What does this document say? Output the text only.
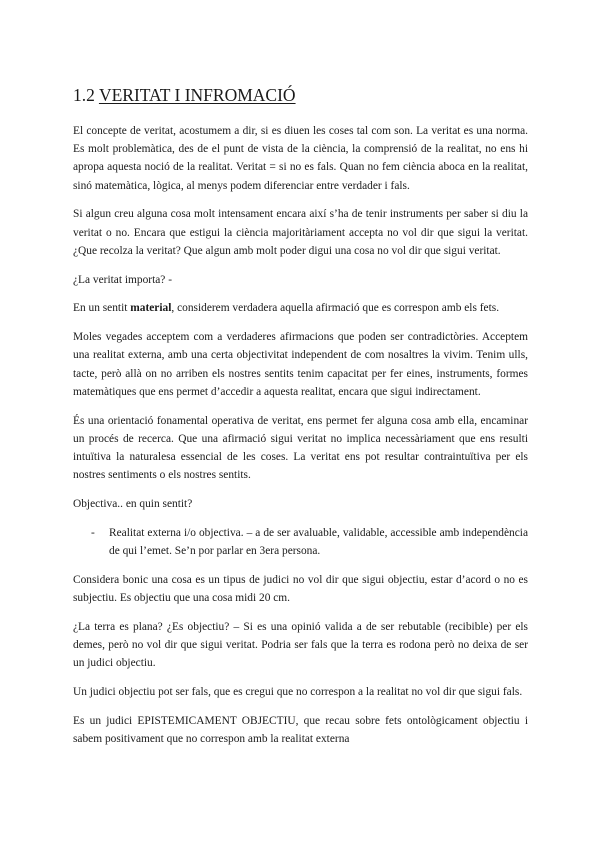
1.2 VERITAT I INFROMACIÓ

El concepte de veritat, acostumem a dir, si es diuen les coses tal com son. La veritat es una norma. Es molt problemàtica, des de el punt de vista de la ciència, la comprensió de la realitat, no ens hi apropa aquesta noció de la realitat. Veritat = si no es fals. Quan no fem ciència aboca en la realitat, sinó matemàtica, lògica, al menys podem diferenciar entre verdader i fals.

Si algun creu alguna cosa molt intensament encara així s’ha de tenir instruments per saber si diu la veritat o no. Encara que estigui la ciència majoritàriament accepta no vol dir que sigui la veritat. ¿Que recolza la veritat? Que algun amb molt poder digui una cosa no vol dir que sigui veritat.

¿La veritat importa? -

En un sentit material, considerem verdadera aquella afirmació que es correspon amb els fets.

Moles vegades acceptem com a verdaderes afirmacions que poden ser contradictòries. Acceptem una realitat externa, amb una certa objectivitat independent de com nosaltres la vivim. Tenim ulls, tacte, però allà on no arriben els nostres sentits tenim capacitat per fer eines, instruments, formes matemàtiques que ens permet d’accedir a aquesta realitat, encara que sigui indirectament.

És una orientació fonamental operativa de veritat, ens permet fer alguna cosa amb ella, encaminar un procés de recerca. Que una afirmació sigui veritat no implica necessàriament que ens resulti intuïtiva la naturalesa essencial de les coses. La veritat ens pot resultar contraintuïtiva per els nostres sentiments o els nostres sentits.

Objectiva.. en quin sentit?

-	Realitat externa i/o objectiva. – a de ser avaluable, validable, accessible amb independència de qui l’emet. Se’n por parlar en 3era persona.

Considera bonic una cosa es un tipus de judici no vol dir que sigui objectiu, estar d’acord o no es subjectiu. Es objectiu que una cosa midi 20 cm.

¿La terra es plana? ¿Es objectiu? – Si es una opinió valida a de ser rebutable (recibible) per els demes, però no vol dir que sigui veritat. Podria ser fals que la terra es rodona però no deixa de ser un judici objectiu.

Un judici objectiu pot ser fals, que es cregui que no correspon a la realitat no vol dir que sigui fals.

Es un judici EPISTEMICAMENT OBJECTIU, que recau sobre fets ontològicament objectiu i sabem positivament que no correspon amb la realitat externa
